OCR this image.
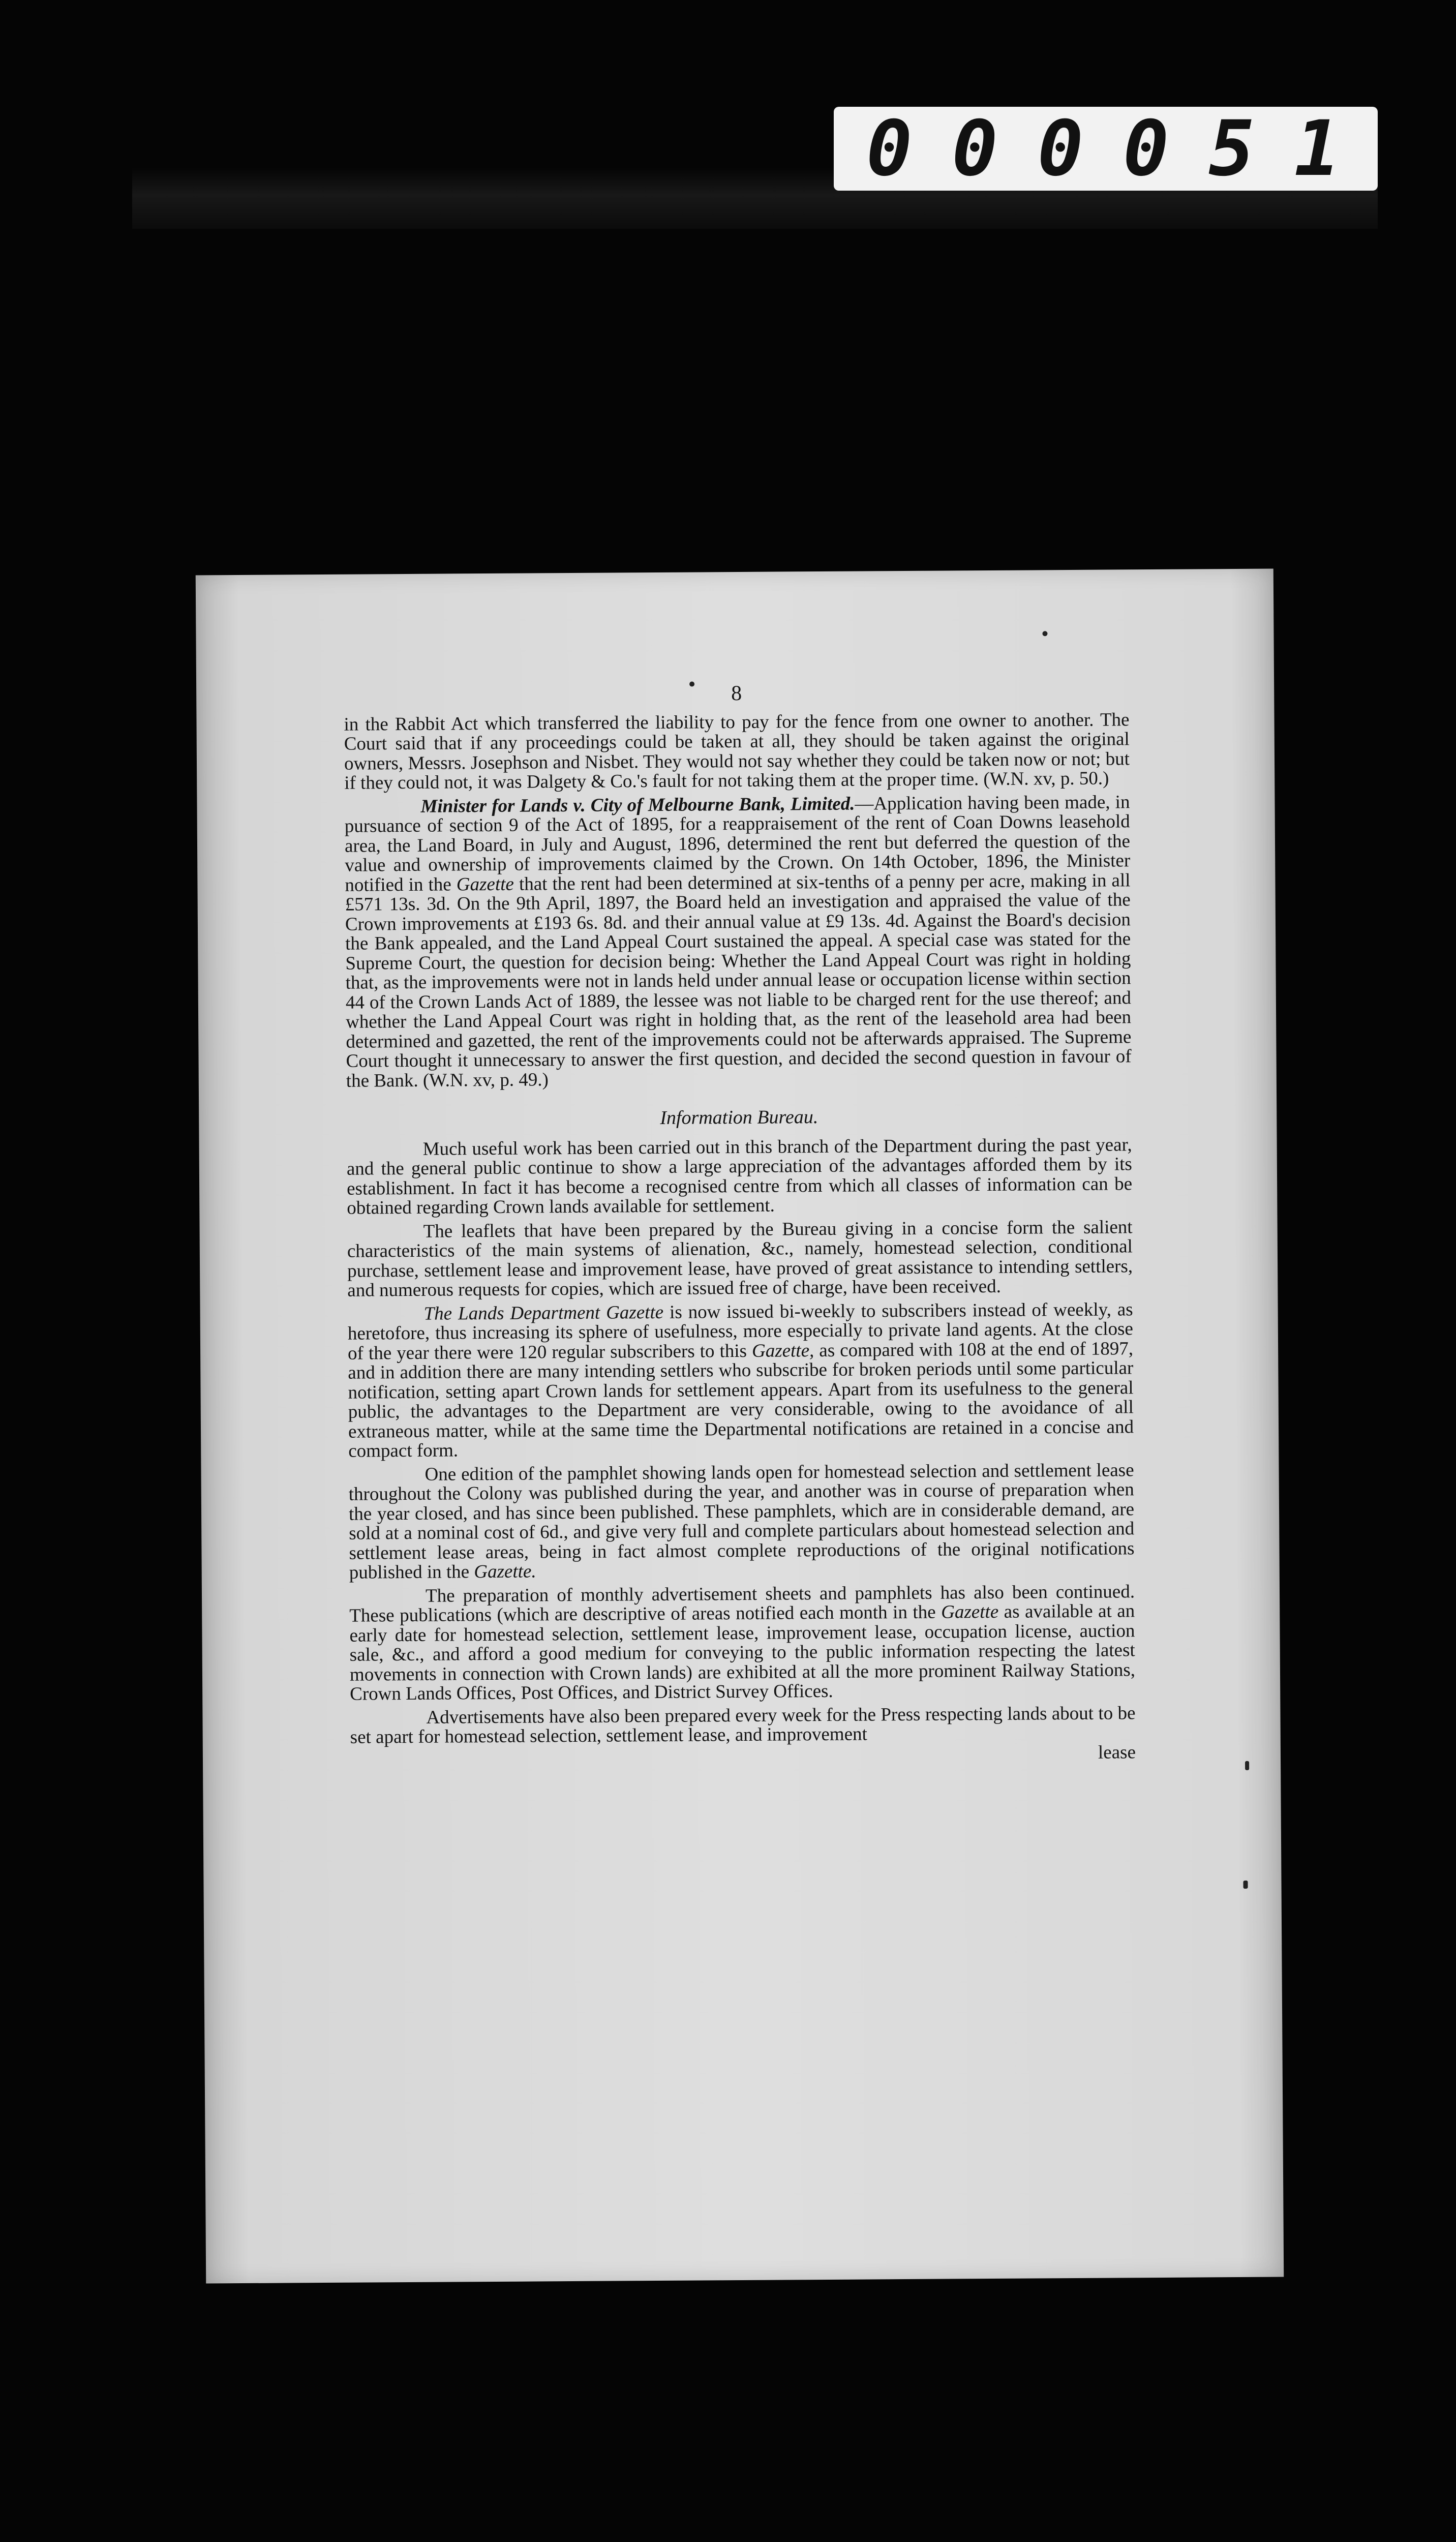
0 0 0 0 5 1
8

in the Rabbit Act which transferred the liability to pay for the fence from one owner to another. The Court said that if any proceedings could be taken at all, they should be taken against the original owners, Messrs. Josephson and Nisbet. They would not say whether they could be taken now or not; but if they could not, it was Dalgety & Co.'s fault for not taking them at the proper time. (W.N. xv, p. 50.)

Minister for Lands v. City of Melbourne Bank, Limited.—Application having been made, in pursuance of section 9 of the Act of 1895, for a reappraisement of the rent of Coan Downs leasehold area, the Land Board, in July and August, 1896, determined the rent but deferred the question of the value and ownership of improvements claimed by the Crown. On 14th October, 1896, the Minister notified in the Gazette that the rent had been determined at six-tenths of a penny per acre, making in all £571 13s. 3d. On the 9th April, 1897, the Board held an investigation and appraised the value of the Crown improvements at £193 6s. 8d. and their annual value at £9 13s. 4d. Against the Board's decision the Bank appealed, and the Land Appeal Court sustained the appeal. A special case was stated for the Supreme Court, the question for decision being: Whether the Land Appeal Court was right in holding that, as the improvements were not in lands held under annual lease or occupation license within section 44 of the Crown Lands Act of 1889, the lessee was not liable to be charged rent for the use thereof; and whether the Land Appeal Court was right in holding that, as the rent of the leasehold area had been determined and gazetted, the rent of the improvements could not be afterwards appraised. The Supreme Court thought it unnecessary to answer the first question, and decided the second question in favour of the Bank. (W.N. xv, p. 49.)

Information Bureau.

Much useful work has been carried out in this branch of the Department during the past year, and the general public continue to show a large appreciation of the advantages afforded them by its establishment. In fact it has become a recognised centre from which all classes of information can be obtained regarding Crown lands available for settlement.

The leaflets that have been prepared by the Bureau giving in a concise form the salient characteristics of the main systems of alienation, &c., namely, homestead selection, conditional purchase, settlement lease and improvement lease, have proved of great assistance to intending settlers, and numerous requests for copies, which are issued free of charge, have been received.

The Lands Department Gazette is now issued bi-weekly to subscribers instead of weekly, as heretofore, thus increasing its sphere of usefulness, more especially to private land agents. At the close of the year there were 120 regular subscribers to this Gazette, as compared with 108 at the end of 1897, and in addition there are many intending settlers who subscribe for broken periods until some particular notification, setting apart Crown lands for settlement appears. Apart from its usefulness to the general public, the advantages to the Department are very considerable, owing to the avoidance of all extraneous matter, while at the same time the Departmental notifications are retained in a concise and compact form.

One edition of the pamphlet showing lands open for homestead selection and settlement lease throughout the Colony was published during the year, and another was in course of preparation when the year closed, and has since been published. These pamphlets, which are in considerable demand, are sold at a nominal cost of 6d., and give very full and complete particulars about homestead selection and settlement lease areas, being in fact almost complete reproductions of the original notifications published in the Gazette.

The preparation of monthly advertisement sheets and pamphlets has also been continued. These publications (which are descriptive of areas notified each month in the Gazette as available at an early date for homestead selection, settlement lease, improvement lease, occupation license, auction sale, &c., and afford a good medium for conveying to the public information respecting the latest movements in connection with Crown lands) are exhibited at all the more prominent Railway Stations, Crown Lands Offices, Post Offices, and District Survey Offices.

Advertisements have also been prepared every week for the Press respecting lands about to be set apart for homestead selection, settlement lease, and improvement

lease
